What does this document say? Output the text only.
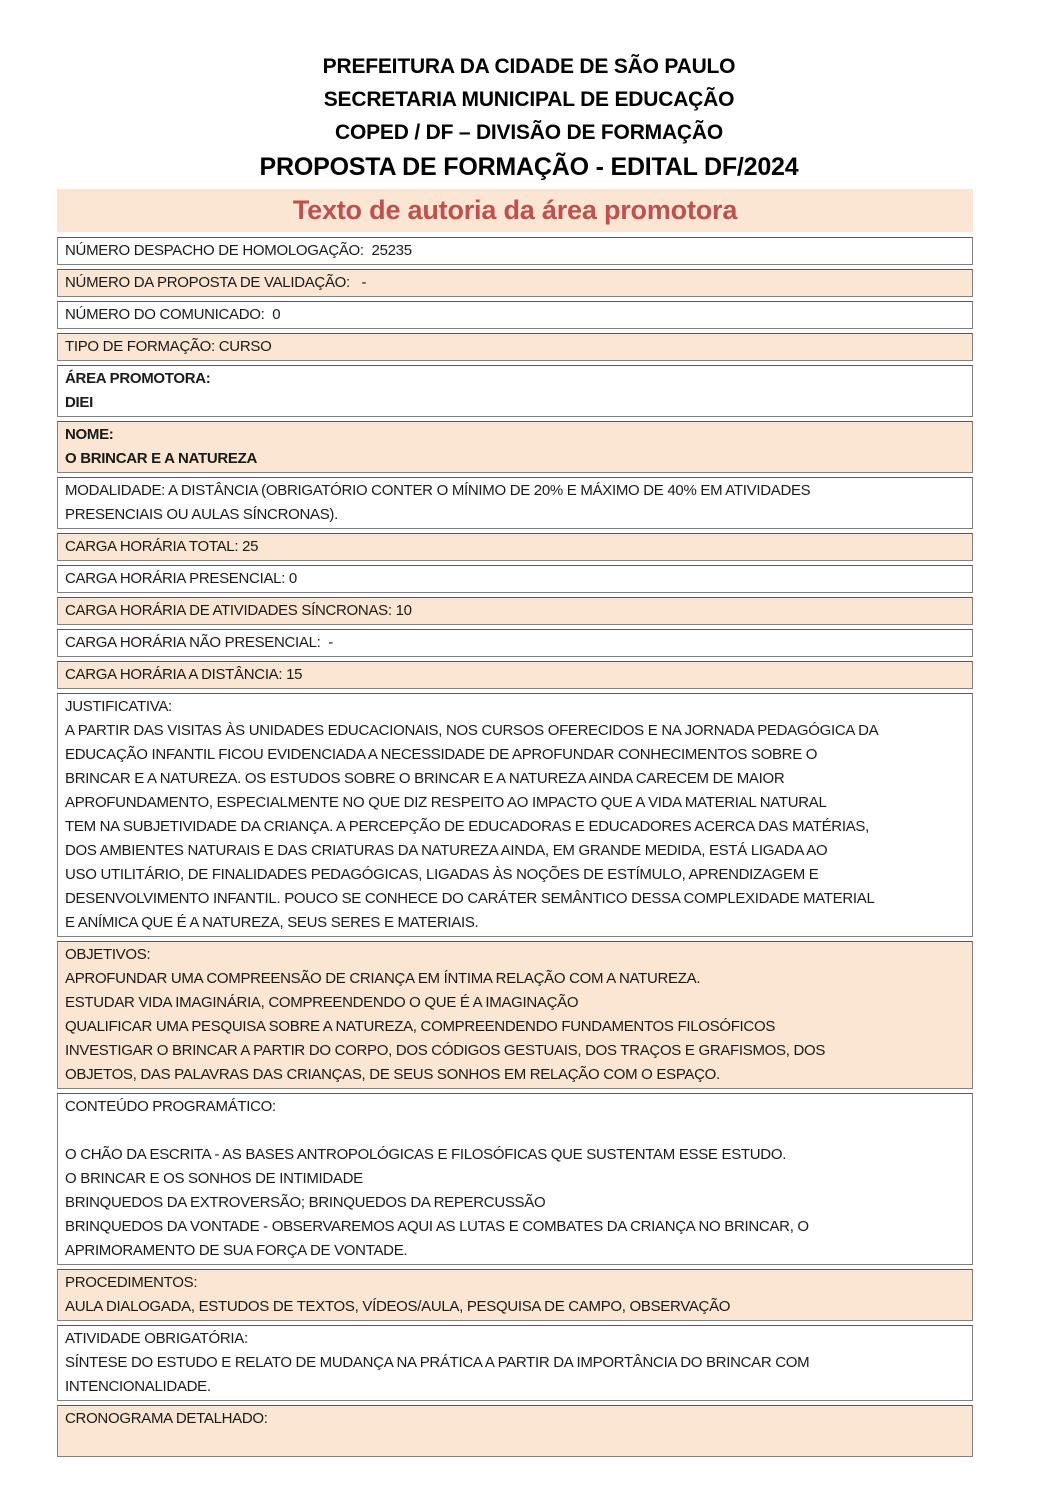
PREFEITURA DA CIDADE DE SÃO PAULO
SECRETARIA MUNICIPAL DE EDUCAÇÃO
COPED / DF – DIVISÃO DE FORMAÇÃO
PROPOSTA DE FORMAÇÃO - EDITAL DF/2024
Texto de autoria da área promotora
NÚMERO DESPACHO DE HOMOLOGAÇÃO:  25235
NÚMERO DA PROPOSTA DE VALIDAÇÃO:   -
NÚMERO DO COMUNICADO:  0
TIPO DE FORMAÇÃO: CURSO
ÁREA PROMOTORA:
DIEI
NOME:
O BRINCAR E A NATUREZA
MODALIDADE: A DISTÂNCIA (OBRIGATÓRIO CONTER O MÍNIMO DE 20% E MÁXIMO DE 40% EM ATIVIDADES
PRESENCIAIS OU AULAS SÍNCRONAS).
CARGA HORÁRIA TOTAL: 25
CARGA HORÁRIA PRESENCIAL: 0
CARGA HORÁRIA DE ATIVIDADES SÍNCRONAS: 10
CARGA HORÁRIA NÃO PRESENCIAL:  -
CARGA HORÁRIA A DISTÂNCIA: 15
JUSTIFICATIVA:
A PARTIR DAS VISITAS ÀS UNIDADES EDUCACIONAIS, NOS CURSOS OFERECIDOS E NA JORNADA PEDAGÓGICA DA
EDUCAÇÃO INFANTIL FICOU EVIDENCIADA A NECESSIDADE DE APROFUNDAR CONHECIMENTOS SOBRE O
BRINCAR E A NATUREZA. OS ESTUDOS SOBRE O BRINCAR E A NATUREZA AINDA CARECEM DE MAIOR
APROFUNDAMENTO, ESPECIALMENTE NO QUE DIZ RESPEITO AO IMPACTO QUE A VIDA MATERIAL NATURAL
TEM NA SUBJETIVIDADE DA CRIANÇA. A PERCEPÇÃO DE EDUCADORAS E EDUCADORES ACERCA DAS MATÉRIAS,
DOS AMBIENTES NATURAIS E DAS CRIATURAS DA NATUREZA AINDA, EM GRANDE MEDIDA, ESTÁ LIGADA AO
USO UTILITÁRIO, DE FINALIDADES PEDAGÓGICAS, LIGADAS ÀS NOÇÕES DE ESTÍMULO, APRENDIZAGEM E
DESENVOLVIMENTO INFANTIL. POUCO SE CONHECE DO CARÁTER SEMÂNTICO DESSA COMPLEXIDADE MATERIAL
E ANÍMICA QUE É A NATUREZA, SEUS SERES E MATERIAIS.
OBJETIVOS:
APROFUNDAR UMA COMPREENSÃO DE CRIANÇA EM ÍNTIMA RELAÇÃO COM A NATUREZA.
ESTUDAR VIDA IMAGINÁRIA, COMPREENDENDO O QUE É A IMAGINAÇÃO
QUALIFICAR UMA PESQUISA SOBRE A NATUREZA, COMPREENDENDO FUNDAMENTOS FILOSÓFICOS
INVESTIGAR O BRINCAR A PARTIR DO CORPO, DOS CÓDIGOS GESTUAIS, DOS TRAÇOS E GRAFISMOS, DOS
OBJETOS, DAS PALAVRAS DAS CRIANÇAS, DE SEUS SONHOS EM RELAÇÃO COM O ESPAÇO.
CONTEÚDO PROGRAMÁTICO:
O CHÃO DA ESCRITA - AS BASES ANTROPOLÓGICAS E FILOSÓFICAS QUE SUSTENTAM ESSE ESTUDO.
O BRINCAR E OS SONHOS DE INTIMIDADE
BRINQUEDOS DA EXTROVERSÃO; BRINQUEDOS DA REPERCUSSÃO
BRINQUEDOS DA VONTADE - OBSERVAREMOS AQUI AS LUTAS E COMBATES DA CRIANÇA NO BRINCAR, O
APRIMORAMENTO DE SUA FORÇA DE VONTADE.
PROCEDIMENTOS:
AULA DIALOGADA, ESTUDOS DE TEXTOS, VÍDEOS/AULA, PESQUISA DE CAMPO, OBSERVAÇÃO
ATIVIDADE OBRIGATÓRIA:
SÍNTESE DO ESTUDO E RELATO DE MUDANÇA NA PRÁTICA A PARTIR DA IMPORTÂNCIA DO BRINCAR COM
INTENCIONALIDADE.
CRONOGRAMA DETALHADO:
